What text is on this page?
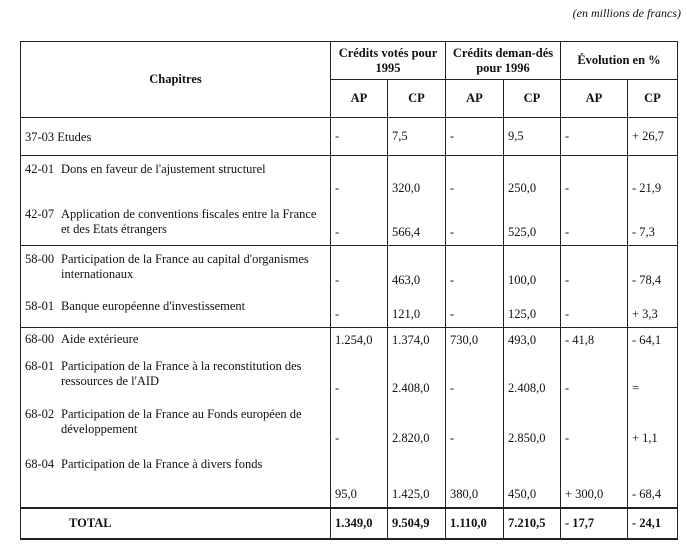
(en millions de francs)
Chapitres	Crédits votés pour 1995		Crédits deman-dés pour 1996		Évolution en %	
	AP	CP	AP	CP	AP	CP
37-03 Etudes	-	7,5	-	9,5	-	+ 26,7
42-01 Dons en faveur de l'ajustement structurel	-	320,0	-	250,0	-	- 21,9
42-07 Application de conventions fiscales entre la France et des Etats étrangers	-	566,4	-	525,0	-	- 7,3
58-00 Participation de la France au capital d'organismes internationaux	-	463,0	-	100,0	-	- 78,4
58-01 Banque européenne d'investissement	-	121,0	-	125,0	-	+ 3,3
68-00 Aide extérieure	1.254,0	1.374,0	730,0	493,0	- 41,8	- 64,1
68-01 Participation de la France à la reconstitution des ressources de l'AID	-	2.408,0	-	2.408,0	-	=
68-02 Participation de la France au Fonds européen de développement	-	2.820,0	-	2.850,0	-	+ 1,1
68-04 Participation de la France à divers fonds	95,0	1.425,0	380,0	450,0	+ 300,0	- 68,4
TOTAL	1.349,0	9.504,9	1.110,0	7.210,5	- 17,7	- 24,1
